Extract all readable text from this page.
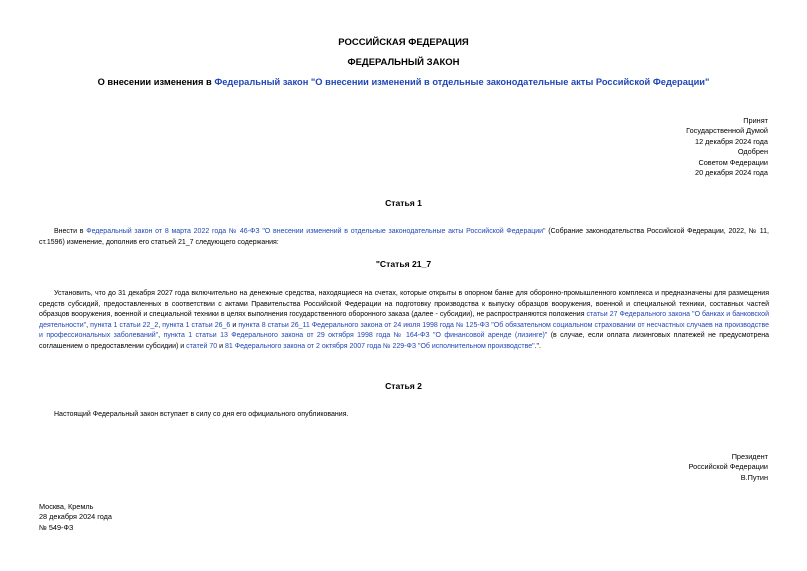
РОССИЙСКАЯ ФЕДЕРАЦИЯ
ФЕДЕРАЛЬНЫЙ ЗАКОН
О внесении изменения в Федеральный закон "О внесении изменений в отдельные законодательные акты Российской Федерации"
Принят
Государственной Думой
12 декабря 2024 года
Одобрен
Советом Федерации
20 декабря 2024 года
Статья 1
Внести в Федеральный закон от 8 марта 2022 года № 46-ФЗ "О внесении изменений в отдельные законодательные акты Российской Федерации" (Собрание законодательства Российской Федерации, 2022, № 11, ст.1596) изменение, дополнив его статьей 21_7 следующего содержания:
"Статья 21_7
Установить, что до 31 декабря 2027 года включительно на денежные средства, находящиеся на счетах, которые открыты в опорном банке для оборонно-промышленного комплекса и предназначены для размещения средств субсидий, предоставленных в соответствии с актами Правительства Российской Федерации на подготовку производства к выпуску образцов вооружения, военной и специальной техники, составных частей образцов вооружения, военной и специальной техники в целях выполнения государственного оборонного заказа (далее - субсидии), не распространяются положения статьи 27 Федерального закона "О банках и банковской деятельности", пункта 1 статьи 22_2, пункта 1 статьи 26_6 и пункта 8 статьи 26_11 Федерального закона от 24 июля 1998 года № 125-ФЗ "Об обязательном социальном страховании от несчастных случаев на производстве и профессиональных заболеваний", пункта 1 статьи 13 Федерального закона от 29 октября 1998 года № 164-ФЗ "О финансовой аренде (лизинге)" (в случае, если оплата лизинговых платежей не предусмотрена соглашением о предоставлении субсидии) и статей 70 и 81 Федерального закона от 2 октября 2007 года № 229-ФЗ "Об исполнительном производстве".".
Статья 2
Настоящий Федеральный закон вступает в силу со дня его официального опубликования.
Президент
Российской Федерации
В.Путин
Москва, Кремль
28 декабря 2024 года
№ 549-ФЗ
